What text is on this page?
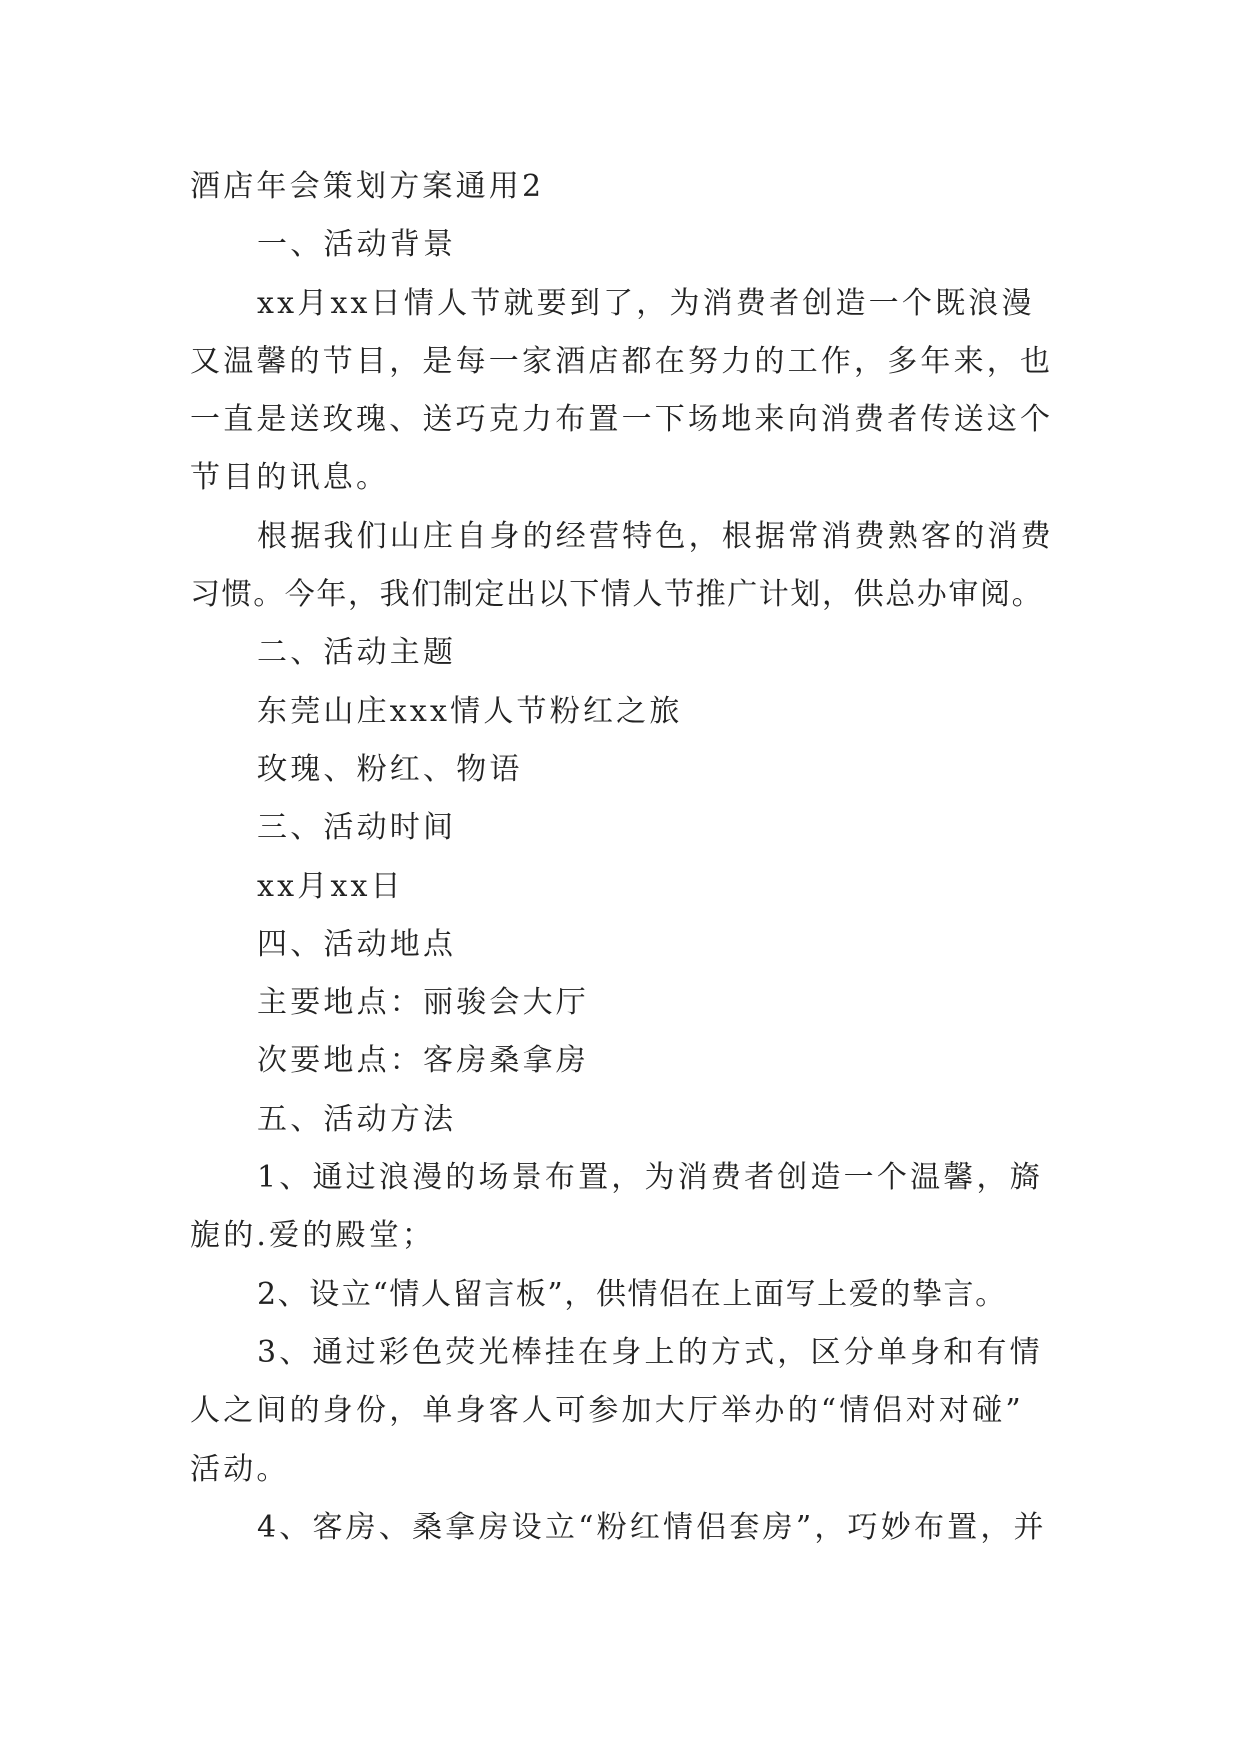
酒店年会策划方案通用2
一、活动背景
xx月xx日情人节就要到了，为消费者创造一个既浪漫
又温馨的节目，是每一家酒店都在努力的工作，多年来，也
一直是送玫瑰、送巧克力布置一下场地来向消费者传送这个
节目的讯息。
根据我们山庄自身的经营特色，根据常消费熟客的消费
习惯。今年，我们制定出以下情人节推广计划，供总办审阅。
二、活动主题
东莞山庄xxx情人节粉红之旅
玫瑰、粉红、物语
三、活动时间
xx月xx日
四、活动地点
主要地点：丽骏会大厅
次要地点：客房桑拿房
五、活动方法
1、通过浪漫的场景布置，为消费者创造一个温馨，旖
旎的.爱的殿堂；
2、设立“情人留言板”，供情侣在上面写上爱的挚言。
3、通过彩色荧光棒挂在身上的方式，区分单身和有情
人之间的身份，单身客人可参加大厅举办的“情侣对对碰”
活动。
4、客房、桑拿房设立“粉红情侣套房”，巧妙布置，并
